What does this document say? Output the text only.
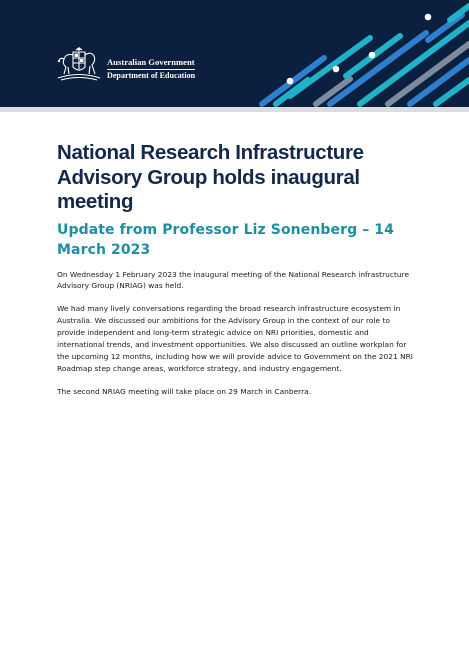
Australian Government
Department of Education
National Research Infrastructure Advisory Group holds inaugural meeting
Update from Professor Liz Sonenberg – 14 March 2023

On Wednesday 1 February 2023 the inaugural meeting of the National Research infrastructure Advisory Group (NRIAG) was held.

We had many lively conversations regarding the broad research infrastructure ecosystem in Australia. We discussed our ambitions for the Advisory Group in the context of our role to provide independent and long-term strategic advice on NRI priorities, domestic and international trends, and investment opportunities. We also discussed an outline workplan for the upcoming 12 months, including how we will provide advice to Government on the 2021 NRI Roadmap step change areas, workforce strategy, and industry engagement.

The second NRIAG meeting will take place on 29 March in Canberra.
